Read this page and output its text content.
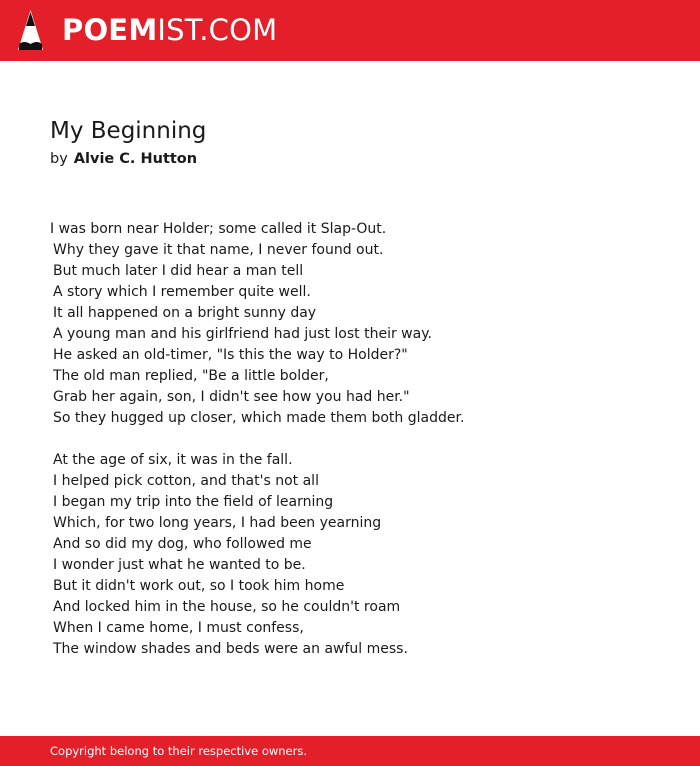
POEMIST.COM
My Beginning
by Alvie C. Hutton
I was born near Holder; some called it Slap-Out.
Why they gave it that name, I never found out.
But much later I did hear a man tell
A story which I remember quite well.
It all happened on a bright sunny day
A young man and his girlfriend had just lost their way.
He asked an old-timer, "Is this the way to Holder?"
The old man replied, "Be a little bolder,
Grab her again, son, I didn't see how you had her."
So they hugged up closer, which made them both gladder.
At the age of six, it was in the fall.
I helped pick cotton, and that's not all
I began my trip into the field of learning
Which, for two long years, I had been yearning
And so did my dog, who followed me
I wonder just what he wanted to be.
But it didn't work out, so I took him home
And locked him in the house, so he couldn't roam
When I came home, I must confess,
The window shades and beds were an awful mess.
Copyright belong to their respective owners.
